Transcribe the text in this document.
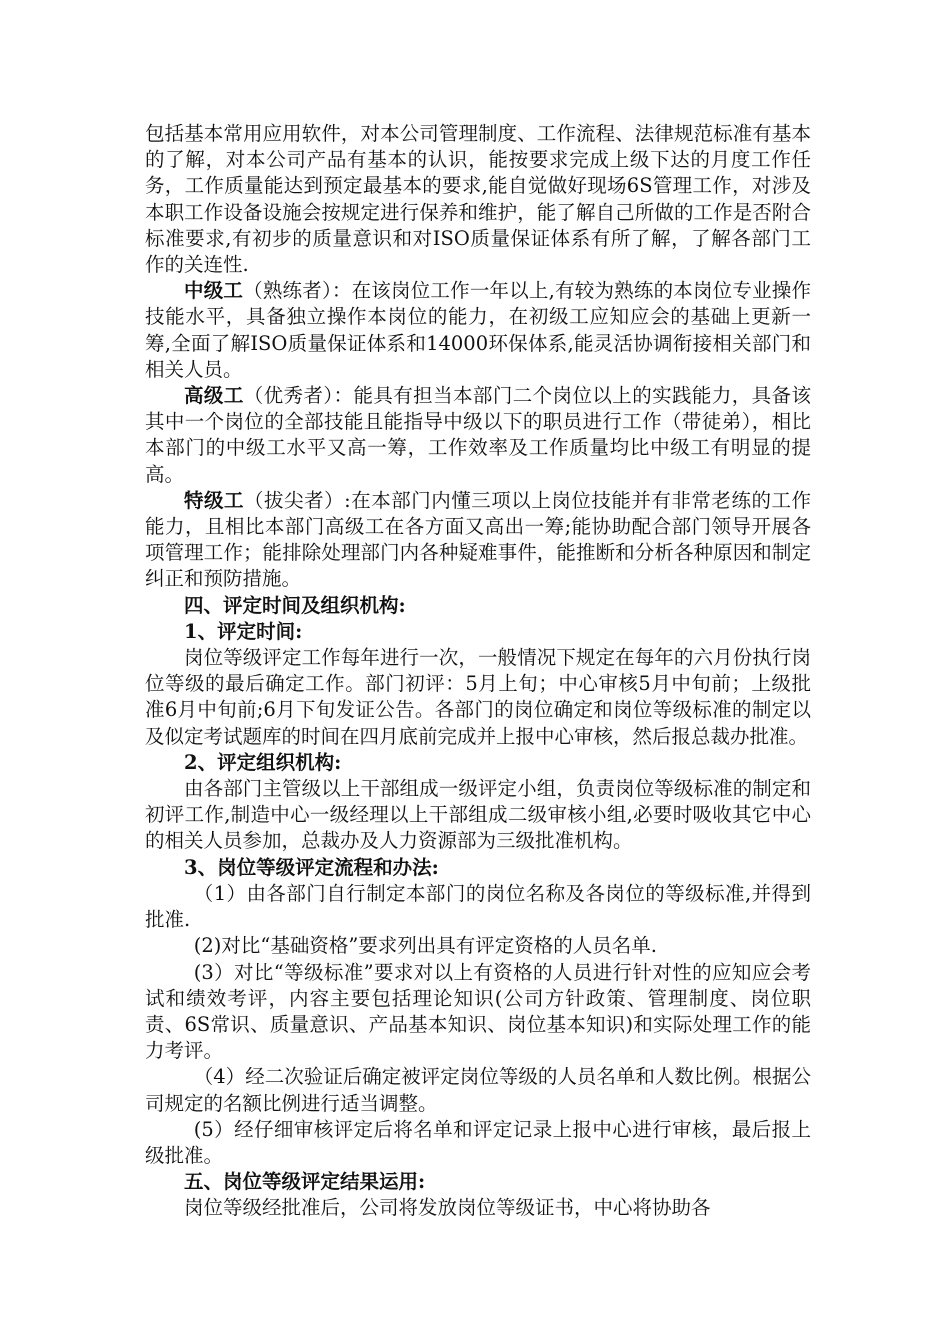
包括基本常用应用软件，对本公司管理制度、工作流程、法律规范标准有基本的了解，对本公司产品有基本的认识，能按要求完成上级下达的月度工作任务，工作质量能达到预定最基本的要求,能自觉做好现场6S管理工作，对涉及本职工作设备设施会按规定进行保养和维护，能了解自己所做的工作是否附合标准要求,有初步的质量意识和对ISO质量保证体系有所了解，了解各部门工作的关连性.

中级工（熟练者）：在该岗位工作一年以上,有较为熟练的本岗位专业操作技能水平，具备独立操作本岗位的能力，在初级工应知应会的基础上更新一筹,全面了解ISO质量保证体系和14000环保体系,能灵活协调衔接相关部门和相关人员。

高级工（优秀者）：能具有担当本部门二个岗位以上的实践能力，具备该其中一个岗位的全部技能且能指导中级以下的职员进行工作（带徒弟），相比本部门的中级工水平又高一筹，工作效率及工作质量均比中级工有明显的提高。

特级工（拔尖者）:在本部门内懂三项以上岗位技能并有非常老练的工作能力，且相比本部门高级工在各方面又高出一筹;能协助配合部门领导开展各项管理工作；能排除处理部门内各种疑难事件，能推断和分析各种原因和制定纠正和预防措施。

四、评定时间及组织机构:

1、评定时间:

岗位等级评定工作每年进行一次，一般情况下规定在每年的六月份执行岗位等级的最后确定工作。部门初评：5月上旬；中心审核5月中旬前；上级批准6月中旬前;6月下旬发证公告。各部门的岗位确定和岗位等级标准的制定以及似定考试题库的时间在四月底前完成并上报中心审核，然后报总裁办批准。

2、评定组织机构:

由各部门主管级以上干部组成一级评定小组，负责岗位等级标准的制定和初评工作,制造中心一级经理以上干部组成二级审核小组,必要时吸收其它中心的相关人员参加，总裁办及人力资源部为三级批准机构。

3、岗位等级评定流程和办法:

（1）由各部门自行制定本部门的岗位名称及各岗位的等级标准,并得到批准.

(2)对比“基础资格”要求列出具有评定资格的人员名单.

(3）对比“等级标准”要求对以上有资格的人员进行针对性的应知应会考试和绩效考评，内容主要包括理论知识(公司方针政策、管理制度、岗位职责、6S常识、质量意识、产品基本知识、岗位基本知识)和实际处理工作的能力考评。

（4）经二次验证后确定被评定岗位等级的人员名单和人数比例。根据公司规定的名额比例进行适当调整。

(5）经仔细审核评定后将名单和评定记录上报中心进行审核，最后报上级批准。

五、岗位等级评定结果运用:

岗位等级经批准后，公司将发放岗位等级证书，中心将协助各
